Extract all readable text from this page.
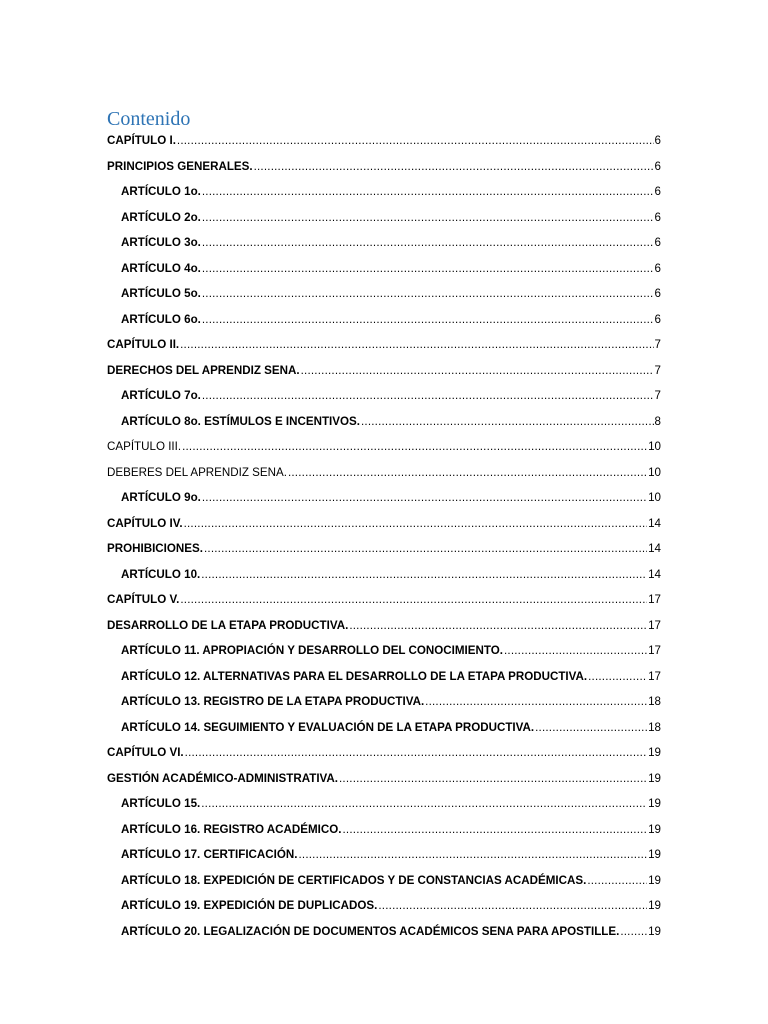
Contenido
CAPÍTULO I. .....	6
PRINCIPIOS GENERALES. .....	6
ARTÍCULO 1o. .....	6
ARTÍCULO 2o. .....	6
ARTÍCULO 3o. .....	6
ARTÍCULO 4o. .....	6
ARTÍCULO 5o. .....	6
ARTÍCULO 6o. .....	6
CAPÍTULO II. .....	7
DERECHOS DEL APRENDIZ SENA. .....	7
ARTÍCULO 7o. .....	7
ARTÍCULO 8o. ESTÍMULOS E INCENTIVOS. .....	8
CAPÍTULO III. .....	10
DEBERES DEL APRENDIZ SENA. .....	10
ARTÍCULO 9o. .....	10
CAPÍTULO IV. .....	14
PROHIBICIONES. .....	14
ARTÍCULO 10. .....	14
CAPÍTULO V. .....	17
DESARROLLO DE LA ETAPA PRODUCTIVA. .....	17
ARTÍCULO 11. APROPIACIÓN Y DESARROLLO DEL CONOCIMIENTO. .....	17
ARTÍCULO 12. ALTERNATIVAS PARA EL DESARROLLO DE LA ETAPA PRODUCTIVA. .....	17
ARTÍCULO 13. REGISTRO DE LA ETAPA PRODUCTIVA. .....	18
ARTÍCULO 14. SEGUIMIENTO Y EVALUACIÓN DE LA ETAPA PRODUCTIVA. .....	18
CAPÍTULO VI. .....	19
GESTIÓN ACADÉMICO-ADMINISTRATIVA. .....	19
ARTÍCULO 15. .....	19
ARTÍCULO 16. REGISTRO ACADÉMICO. .....	19
ARTÍCULO 17. CERTIFICACIÓN. .....	19
ARTÍCULO 18. EXPEDICIÓN DE CERTIFICADOS Y DE CONSTANCIAS ACADÉMICAS. .....	19
ARTÍCULO 19. EXPEDICIÓN DE DUPLICADOS. .....	19
ARTÍCULO 20. LEGALIZACIÓN DE DOCUMENTOS ACADÉMICOS SENA PARA APOSTILLE. ..... 19
